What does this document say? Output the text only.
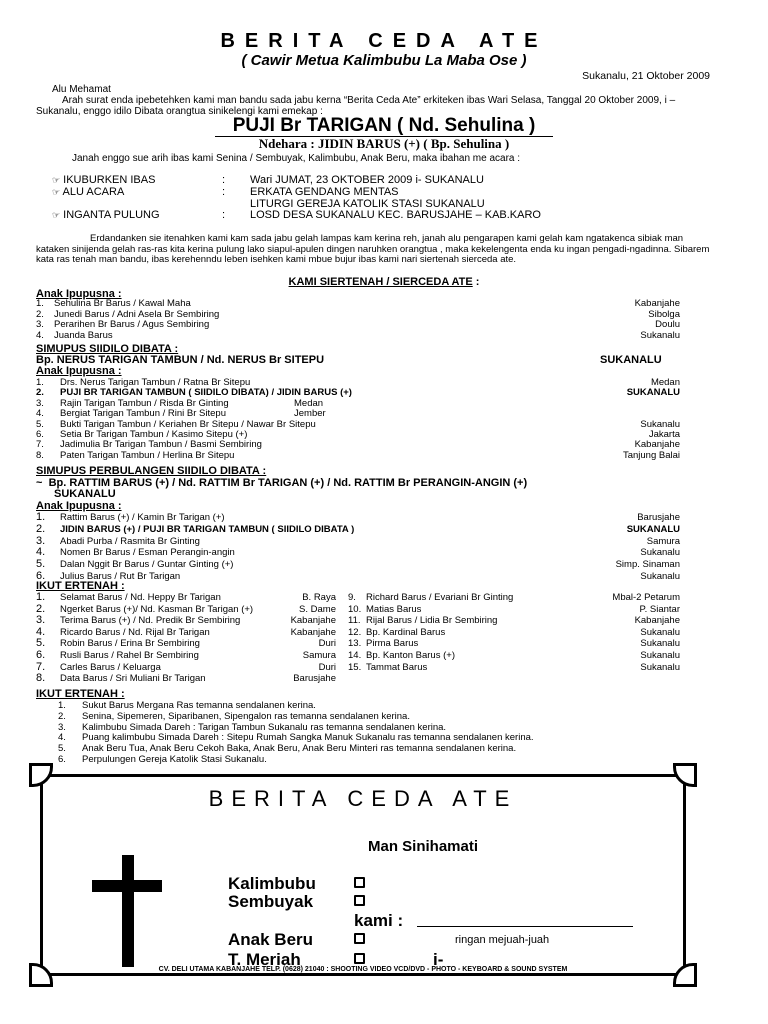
BERITA CEDA ATE
( Cawir Metua Kalimbubu La Maba Ose )
Sukanalu, 21 Oktober 2009
Alu Mehamat
Arah surat enda ipebetehken kami man bandu sada jabu kerna “Berita Ceda Ate” erkiteken ibas Wari Selasa, Tanggal 20 Oktober 2009, i –Sukanalu, enggo idilo Dibata orangtua sinikelengi kami emekap :
PUJI Br TARIGAN ( Nd. Sehulina )
Ndehara : JIDIN BARUS (+) ( Bp. Sehulina )
Janah enggo sue arih ibas kami Senina / Sembuyak, Kalimbubu, Anak Beru, maka ibahan me acara :
☞ IKUBURKEN IBAS	: Wari JUMAT, 23 OKTOBER 2009 i- SUKANALU
☞ ALU ACARA	: ERKATA GENDANG MENTAS
LITURGI GEREJA KATOLIK STASI SUKANALU
☞ INGANTA PULUNG	: LOSD DESA SUKANALU KEC. BARUSJAHE – KAB.KARO
Erdandanken sie itenahken kami kam sada jabu gelah lampas kam kerina reh, janah alu pengarapen kami gelah kam ngatakenca sibiak man kataken sinijenda gelah ras-ras kita kerina pulung lako siapul-apulen dingen naruhken orangtua , maka kekelengenta enda ku ingan pengadi-ngadinna. Sibarem kata ras tenah man bandu, ibas kerehenndu leben isehken kami mbue bujur ibas kami nari siertenah sierceda ate.
KAMI SIERTENAH / SIERCEDA ATE :
Anak Ipupusna :
1. Sehulina Br Barus / Kawal Maha	Kabanjahe
2. Junedi Barus / Adni Asela Br Sembiring	Sibolga
3. Perarihen Br Barus / Agus Sembiring	Doulu
4. Juanda Barus	Sukanalu
SIMUPUS SIIDILO DIBATA :
Bp. NERUS TARIGAN TAMBUN / Nd. NERUS Br SITEPU	SUKANALU
Anak Ipupusna :
1. Drs. Nerus Tarigan Tambun / Ratna Br Sitepu	Medan
2. PUJI BR TARIGAN TAMBUN ( SIIDILO DIBATA) / JIDIN BARUS (+)	SUKANALU
3. Rajin Tarigan Tambun / Risda Br Ginting	Medan
4. Bergiat Tarigan Tambun / Rini Br Sitepu	Jember
5. Bukti Tarigan Tambun / Keriahen Br Sitepu / Nawar Br Sitepu	Sukanalu
6. Setia Br Tarigan Tambun / Kasimo Sitepu (+)	Jakarta
7. Jadimulia Br Tarigan Tambun / Basmi Sembiring	Kabanjahe
8. Paten Tarigan Tambun / Herlina Br Sitepu	Tanjung Balai
SIMUPUS PERBULANGEN SIIDILO DIBATA :
~ Bp. RATTIM BARUS (+) / Nd. RATTIM Br TARIGAN (+) / Nd. RATTIM Br PERANGIN-ANGIN (+)
SUKANALU
Anak Ipupusna :
1. Rattim Barus (+) / Kamin Br Tarigan (+)	Barusjahe
2. JIDIN BARUS (+) / PUJI BR TARIGAN TAMBUN ( SIIDILO DIBATA )	SUKANALU
3. Abadi Purba / Rasmita Br Ginting	Samura
4. Nomen Br Barus / Esman Perangin-angin	Sukanalu
5. Dalan Nggit Br Barus / Guntar Ginting (+)	Simp. Sinaman
6. Julius Barus / Rut Br Tarigan	Sukanalu
IKUT ERTENAH :
1. Selamat Barus / Nd. Heppy Br Tarigan	B. Raya
2. Ngerket Barus (+)/ Nd. Kasman Br Tarigan (+)	S. Dame
3. Terima Barus (+) / Nd. Predik Br Sembiring	Kabanjahe
4. Ricardo Barus / Nd. Rijal Br Tarigan	Kabanjahe
5. Robin Barus / Erina Br Sembiring	Duri
6. Rusli Barus / Rahel Br Sembiring	Samura
7. Carles Barus / Keluarga	Duri
8. Data Barus / Sri Muliani Br Tarigan	Barusjahe
9. Richard Barus / Evariani Br Ginting	Mbal-2 Petarum
10. Matias Barus	P. Siantar
11. Rijal Barus / Lidia Br Sembiring	Kabanjahe
12. Bp. Kardinal Barus	Sukanalu
13. Pirma Barus	Sukanalu
14. Bp. Kanton Barus (+)	Sukanalu
15. Tammat Barus	Sukanalu
IKUT ERTENAH :
1. Sukut Barus Mergana Ras temanna sendalanen kerina.
2. Senina, Sipemeren, Siparibanen, Sipengalon ras temanna sendalanen kerina.
3. Kalimbubu Simada Dareh : Tarigan Tambun Sukanalu ras temanna sendalanen kerina.
4. Puang kalimbubu Simada Dareh : Sitepu Rumah Sangka Manuk Sukanalu ras temanna sendalanen kerina.
5. Anak Beru Tua, Anak Beru Cekoh Baka, Anak Beru, Anak Beru Minteri ras temanna sendalanen kerina.
6. Perpulungen Gereja Katolik Stasi Sukanalu.
BERITA CEDA ATE
Man Sinihamati
Kalimbubu
Sembuyak
kami :
Anak Beru	ringan mejuah-juah
T. Meriah	i-
CV. DELI UTAMA KABANJAHE TELP. (0628) 21040 : SHOOTING VIDEO VCD/DVD - PHOTO - KEYBOARD & SOUND SYSTEM
